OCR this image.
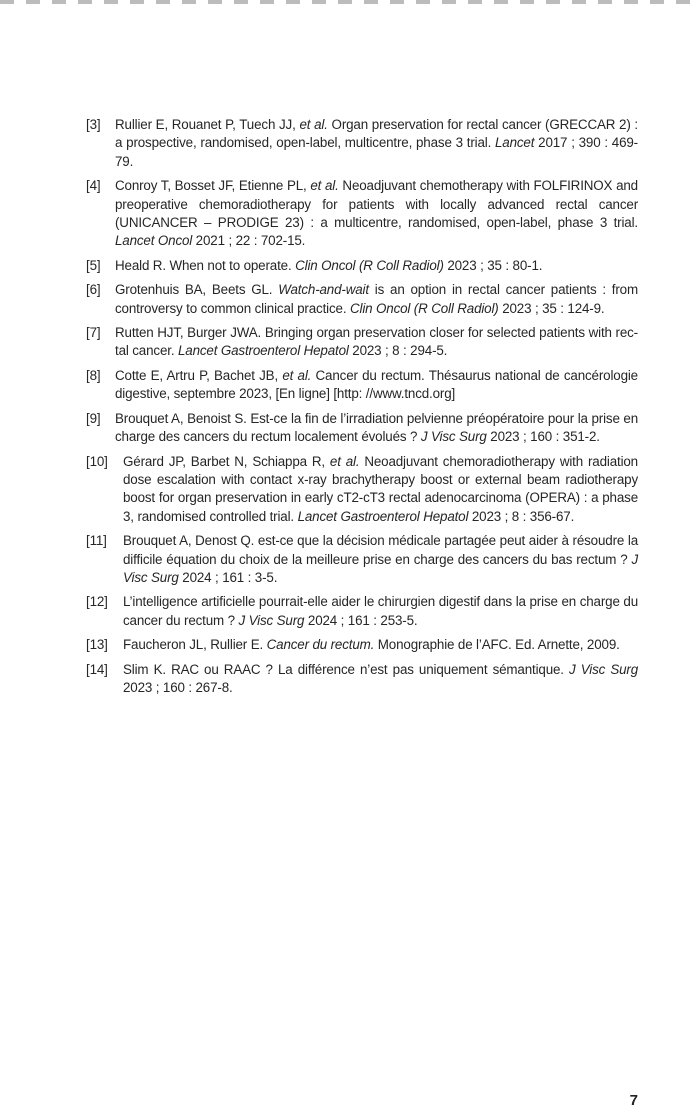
[3] Rullier E, Rouanet P, Tuech JJ, et al. Organ preservation for rectal cancer (GRECCAR 2) : a prospective, randomised, open-label, multicentre, phase 3 trial. Lancet 2017 ; 390 : 469-79.
[4] Conroy T, Bosset JF, Etienne PL, et al. Neoadjuvant chemotherapy with FOLFIRINOX and preoperative chemoradiotherapy for patients with locally advanced rectal cancer (UNICANCER – PRODIGE 23) : a multicentre, randomised, open-label, phase 3 trial. Lancet Oncol 2021 ; 22 : 702-15.
[5] Heald R. When not to operate. Clin Oncol (R Coll Radiol) 2023 ; 35 : 80-1.
[6] Grotenhuis BA, Beets GL. Watch-and-wait is an option in rectal cancer patients : from controversy to common clinical practice. Clin Oncol (R Coll Radiol) 2023 ; 35 : 124-9.
[7] Rutten HJT, Burger JWA. Bringing organ preservation closer for selected patients with rec-tal cancer. Lancet Gastroenterol Hepatol 2023 ; 8 : 294-5.
[8] Cotte E, Artru P, Bachet JB, et al. Cancer du rectum. Thésaurus national de cancérologie digestive, septembre 2023, [En ligne] [http: //www.tncd.org]
[9] Brouquet A, Benoist S. Est-ce la fin de l’irradiation pelvienne préopératoire pour la prise en charge des cancers du rectum localement évolués ? J Visc Surg 2023 ; 160 : 351-2.
[10] Gérard JP, Barbet N, Schiappa R, et al. Neoadjuvant chemoradiotherapy with radiation dose escalation with contact x-ray brachytherapy boost or external beam radiotherapy boost for organ preservation in early cT2-cT3 rectal adenocarcinoma (OPERA) : a phase 3, randomised controlled trial. Lancet Gastroenterol Hepatol 2023 ; 8 : 356-67.
[11] Brouquet A, Denost Q. est-ce que la décision médicale partagée peut aider à résoudre la difficile équation du choix de la meilleure prise en charge des cancers du bas rectum ? J Visc Surg 2024 ; 161 : 3-5.
[12] L’intelligence artificielle pourrait-elle aider le chirurgien digestif dans la prise en charge du cancer du rectum ? J Visc Surg 2024 ; 161 : 253-5.
[13] Faucheron JL, Rullier E. Cancer du rectum. Monographie de l’AFC. Ed. Arnette, 2009.
[14] Slim K. RAC ou RAAC ? La différence n’est pas uniquement sémantique. J Visc Surg 2023 ; 160 : 267-8.
7
